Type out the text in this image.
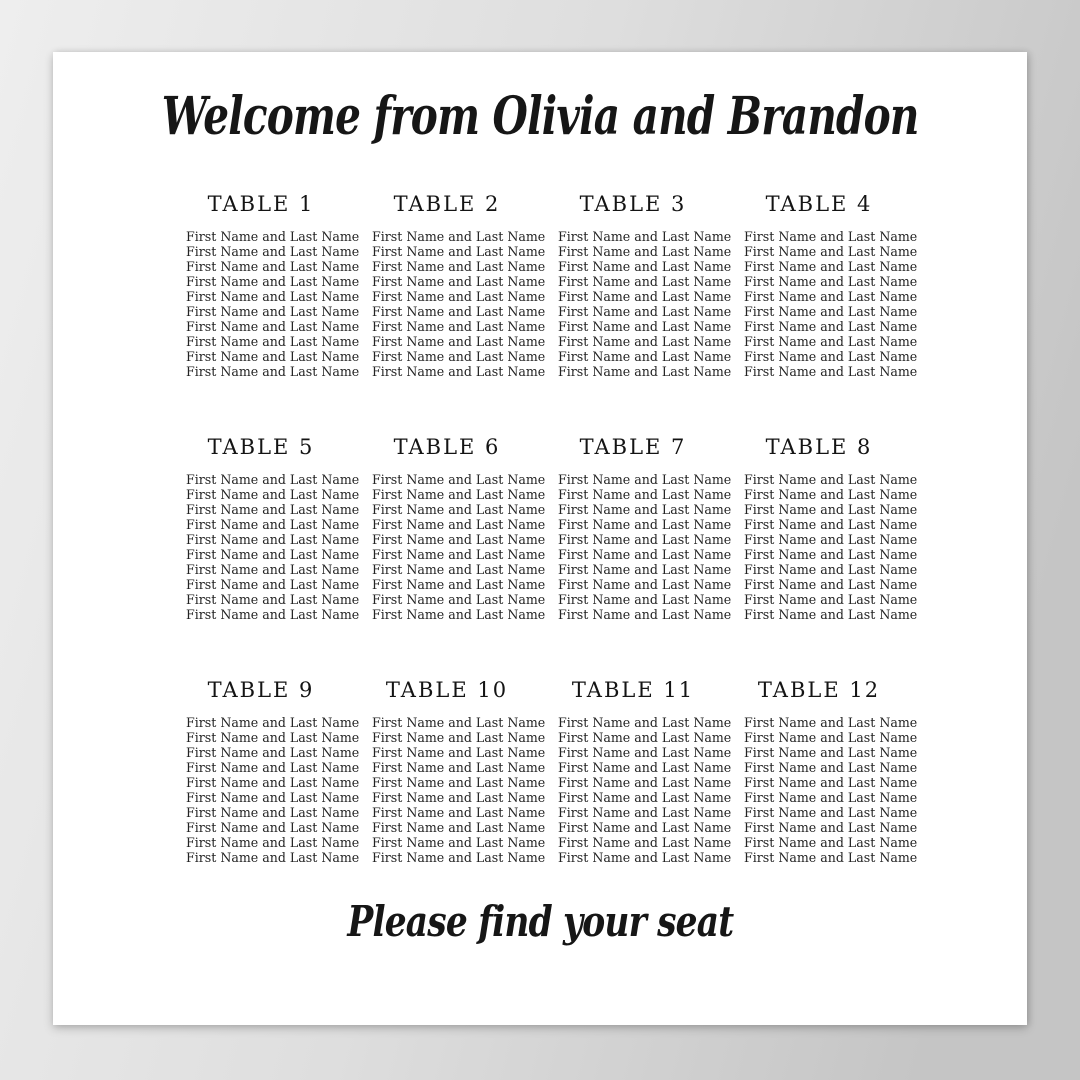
Welcome from Olivia and Brandon
TABLE 1
First Name and Last Name
First Name and Last Name
First Name and Last Name
First Name and Last Name
First Name and Last Name
First Name and Last Name
First Name and Last Name
First Name and Last Name
First Name and Last Name
First Name and Last Name
TABLE 2
First Name and Last Name
First Name and Last Name
First Name and Last Name
First Name and Last Name
First Name and Last Name
First Name and Last Name
First Name and Last Name
First Name and Last Name
First Name and Last Name
First Name and Last Name
TABLE 3
First Name and Last Name
First Name and Last Name
First Name and Last Name
First Name and Last Name
First Name and Last Name
First Name and Last Name
First Name and Last Name
First Name and Last Name
First Name and Last Name
First Name and Last Name
TABLE 4
First Name and Last Name
First Name and Last Name
First Name and Last Name
First Name and Last Name
First Name and Last Name
First Name and Last Name
First Name and Last Name
First Name and Last Name
First Name and Last Name
First Name and Last Name
TABLE 5
First Name and Last Name
First Name and Last Name
First Name and Last Name
First Name and Last Name
First Name and Last Name
First Name and Last Name
First Name and Last Name
First Name and Last Name
First Name and Last Name
First Name and Last Name
TABLE 6
First Name and Last Name
First Name and Last Name
First Name and Last Name
First Name and Last Name
First Name and Last Name
First Name and Last Name
First Name and Last Name
First Name and Last Name
First Name and Last Name
First Name and Last Name
TABLE 7
First Name and Last Name
First Name and Last Name
First Name and Last Name
First Name and Last Name
First Name and Last Name
First Name and Last Name
First Name and Last Name
First Name and Last Name
First Name and Last Name
First Name and Last Name
TABLE 8
First Name and Last Name
First Name and Last Name
First Name and Last Name
First Name and Last Name
First Name and Last Name
First Name and Last Name
First Name and Last Name
First Name and Last Name
First Name and Last Name
First Name and Last Name
TABLE 9
First Name and Last Name
First Name and Last Name
First Name and Last Name
First Name and Last Name
First Name and Last Name
First Name and Last Name
First Name and Last Name
First Name and Last Name
First Name and Last Name
First Name and Last Name
TABLE 10
First Name and Last Name
First Name and Last Name
First Name and Last Name
First Name and Last Name
First Name and Last Name
First Name and Last Name
First Name and Last Name
First Name and Last Name
First Name and Last Name
First Name and Last Name
TABLE 11
First Name and Last Name
First Name and Last Name
First Name and Last Name
First Name and Last Name
First Name and Last Name
First Name and Last Name
First Name and Last Name
First Name and Last Name
First Name and Last Name
First Name and Last Name
TABLE 12
First Name and Last Name
First Name and Last Name
First Name and Last Name
First Name and Last Name
First Name and Last Name
First Name and Last Name
First Name and Last Name
First Name and Last Name
First Name and Last Name
First Name and Last Name
Please find your seat
